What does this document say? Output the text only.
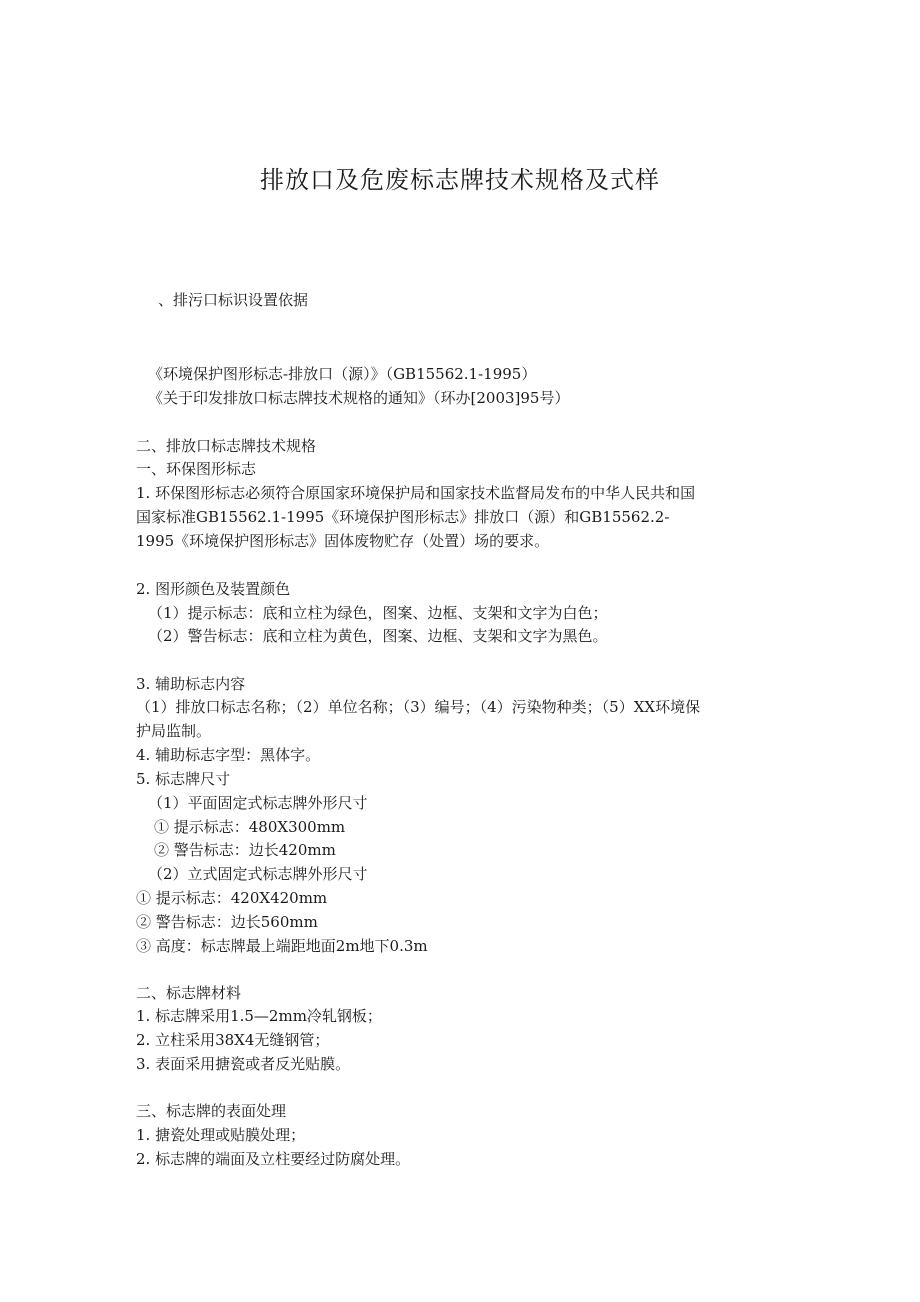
排放口及危废标志牌技术规格及式样
、排污口标识设置依据
《环境保护图形标志-排放口（源）》（GB15562.1-1995）
《关于印发排放口标志牌技术规格的通知》（环办[2003]95号）
二、排放口标志牌技术规格
一、环保图形标志
1. 环保图形标志必须符合原国家环境保护局和国家技术监督局发布的中华人民共和国
国家标准GB15562.1-1995《环境保护图形标志》排放口（源）和GB15562.2-
1995《环境保护图形标志》固体废物贮存（处置）场的要求。
2. 图形颜色及装置颜色
（1）提示标志：底和立柱为绿色，图案、边框、支架和文字为白色；
（2）警告标志：底和立柱为黄色，图案、边框、支架和文字为黑色。
3. 辅助标志内容
（1）排放口标志名称；（2）单位名称；（3）编号；（4）污染物种类；（5）XX环境保
护局监制。
4. 辅助标志字型：黑体字。
5. 标志牌尺寸
（1）平面固定式标志牌外形尺寸
① 提示标志：480X300mm
② 警告标志：边长420mm
（2）立式固定式标志牌外形尺寸
① 提示标志：420X420mm
② 警告标志：边长560mm
③ 高度：标志牌最上端距地面2m地下0.3m
二、标志牌材料
1. 标志牌采用1.5—2mm冷轧钢板；
2. 立柱采用38X4无缝钢管；
3. 表面采用搪瓷或者反光贴膜。
三、标志牌的表面处理
1. 搪瓷处理或贴膜处理；
2. 标志牌的端面及立柱要经过防腐处理。
